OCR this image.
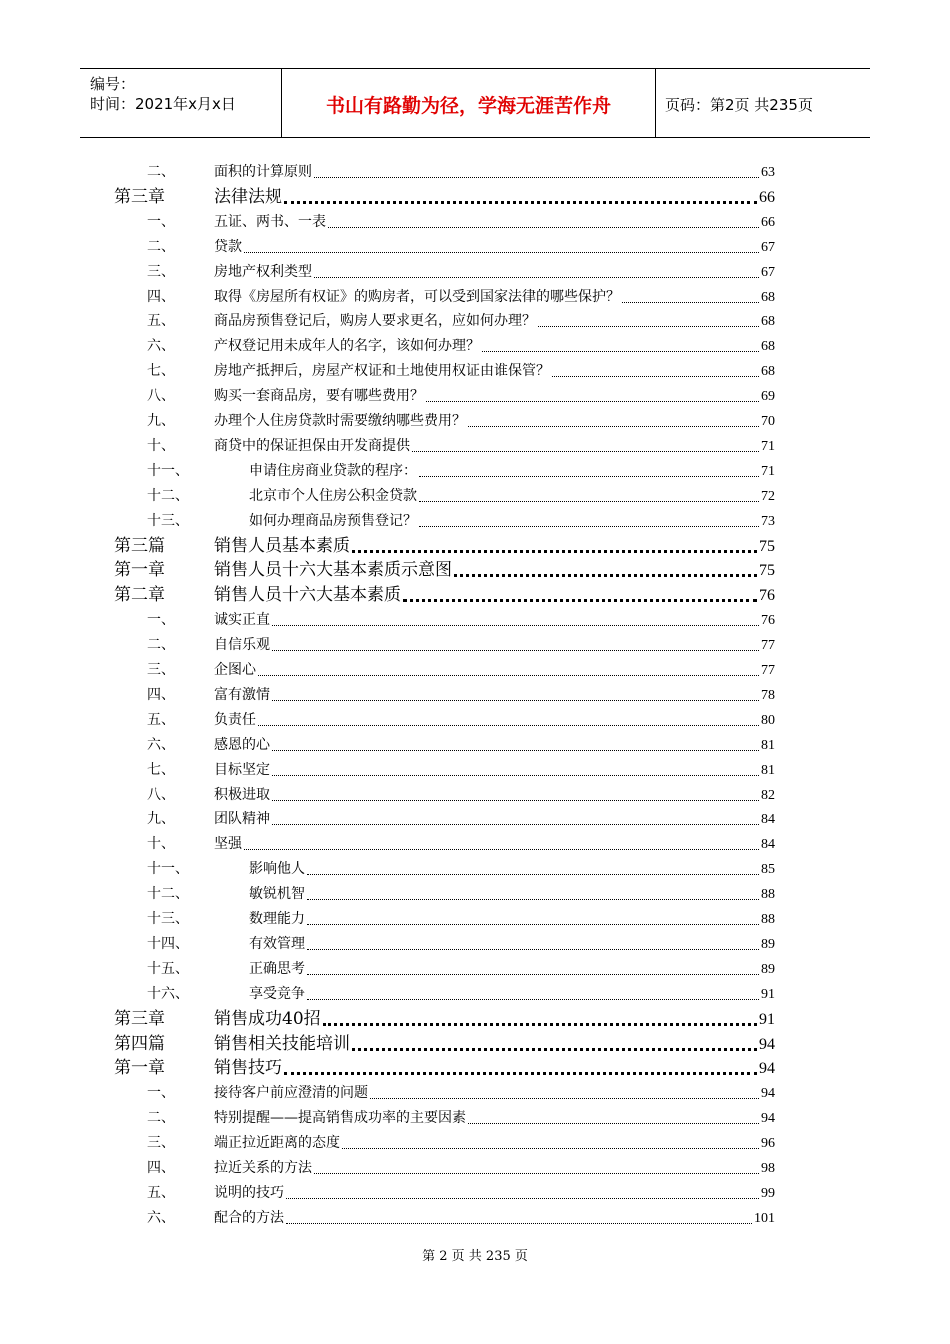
编号：
时间：2021年x月x日	书山有路勤为径，学海无涯苦作舟	页码：第2页 共235页
二、	面积的计算原则	63
第三章	法律法规	66
一、	五证、两书、一表	66
二、	贷款	67
三、	房地产权利类型	67
四、	取得《房屋所有权证》的购房者，可以受到国家法律的哪些保护？	68
五、	商品房预售登记后，购房人要求更名，应如何办理？	68
六、	产权登记用未成年人的名字，该如何办理？	68
七、	房地产抵押后，房屋产权证和土地使用权证由谁保管？	68
八、	购买一套商品房，要有哪些费用？	69
九、	办理个人住房贷款时需要缴纳哪些费用？	70
十、	商贷中的保证担保由开发商提供	71
十一、	申请住房商业贷款的程序：	71
十二、	北京市个人住房公积金贷款	72
十三、	如何办理商品房预售登记？	73
第三篇	销售人员基本素质	75
第一章	销售人员十六大基本素质示意图	75
第二章	销售人员十六大基本素质	76
一、	诚实正直	76
二、	自信乐观	77
三、	企图心	77
四、	富有激情	78
五、	负责任	80
六、	感恩的心	81
七、	目标坚定	81
八、	积极进取	82
九、	团队精神	84
十、	坚强	84
十一、	影响他人	85
十二、	敏锐机智	88
十三、	数理能力	88
十四、	有效管理	89
十五、	正确思考	89
十六、	享受竞争	91
第三章	销售成功40招	91
第四篇	销售相关技能培训	94
第一章	销售技巧	94
一、	接待客户前应澄清的问题	94
二、	特别提醒——提高销售成功率的主要因素	94
三、	端正拉近距离的态度	96
四、	拉近关系的方法	98
五、	说明的技巧	99
六、	配合的方法	101
第 2 页 共 235 页
